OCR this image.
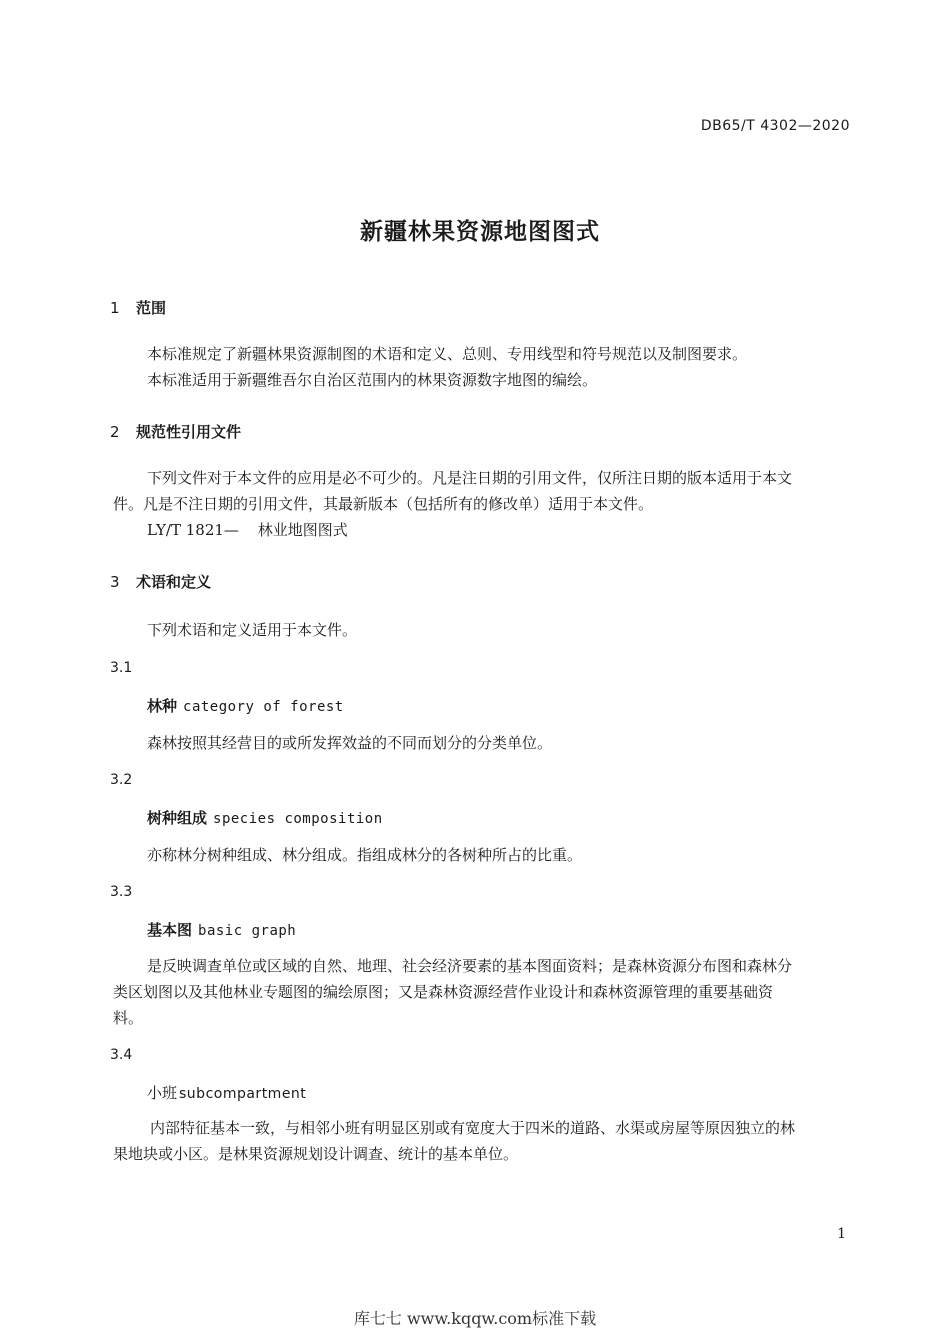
DB65/T 4302—2020
新疆林果资源地图图式
1 范围
本标准规定了新疆林果资源制图的术语和定义、总则、专用线型和符号规范以及制图要求。
本标准适用于新疆维吾尔自治区范围内的林果资源数字地图的编绘。
2 规范性引用文件
下列文件对于本文件的应用是必不可少的。凡是注日期的引用文件，仅所注日期的版本适用于本文
件。凡是不注日期的引用文件，其最新版本（包括所有的修改单）适用于本文件。
LY/T 1821— 林业地图图式
3 术语和定义
下列术语和定义适用于本文件。
3.1
林种 category of forest
森林按照其经营目的或所发挥效益的不同而划分的分类单位。
3.2
树种组成 species composition
亦称林分树种组成、林分组成。指组成林分的各树种所占的比重。
3.3
基本图 basic graph
是反映调查单位或区域的自然、地理、社会经济要素的基本图面资料；是森林资源分布图和森林分
类区划图以及其他林业专题图的编绘原图；又是森林资源经营作业设计和森林资源管理的重要基础资
料。
3.4
小班 subcompartment
内部特征基本一致，与相邻小班有明显区别或有宽度大于四米的道路、水渠或房屋等原因独立的林
果地块或小区。是林果资源规划设计调查、统计的基本单位。
1
库七七 www.kqqw.com标准下载
